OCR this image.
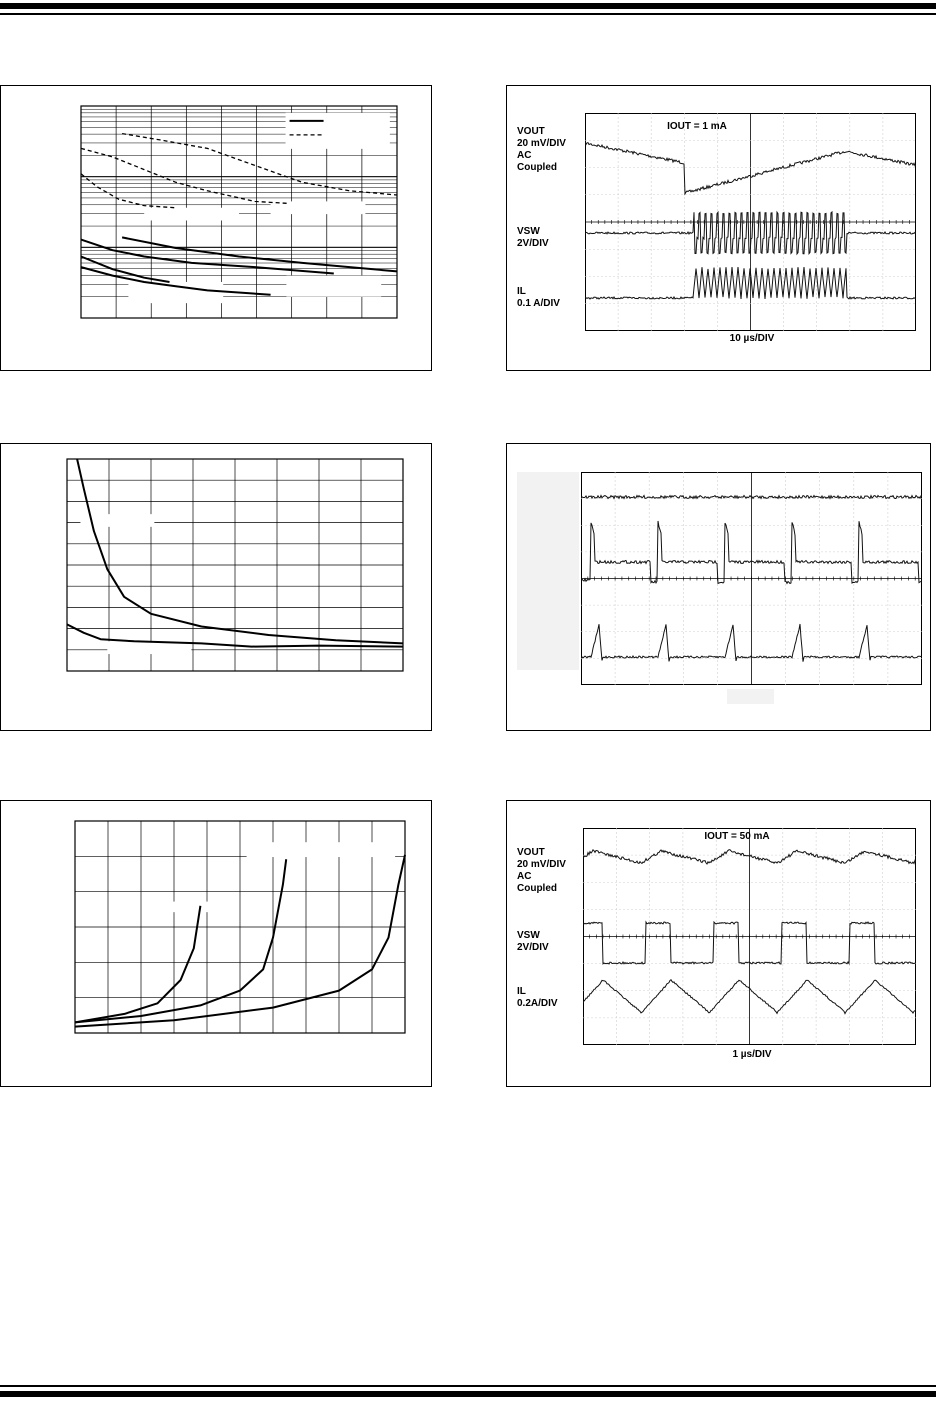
VOUT
20 mV/DIV
AC
Coupled
VSW
2V/DIV
IL
0.1 A/DIV
IOUT = 1 mA
10 µs/DIV
VOUT
20 mV/DIV
AC
Coupled
VSW
2V/DIV
IL
0.2A/DIV
IOUT = 50 mA
1 µs/DIV
